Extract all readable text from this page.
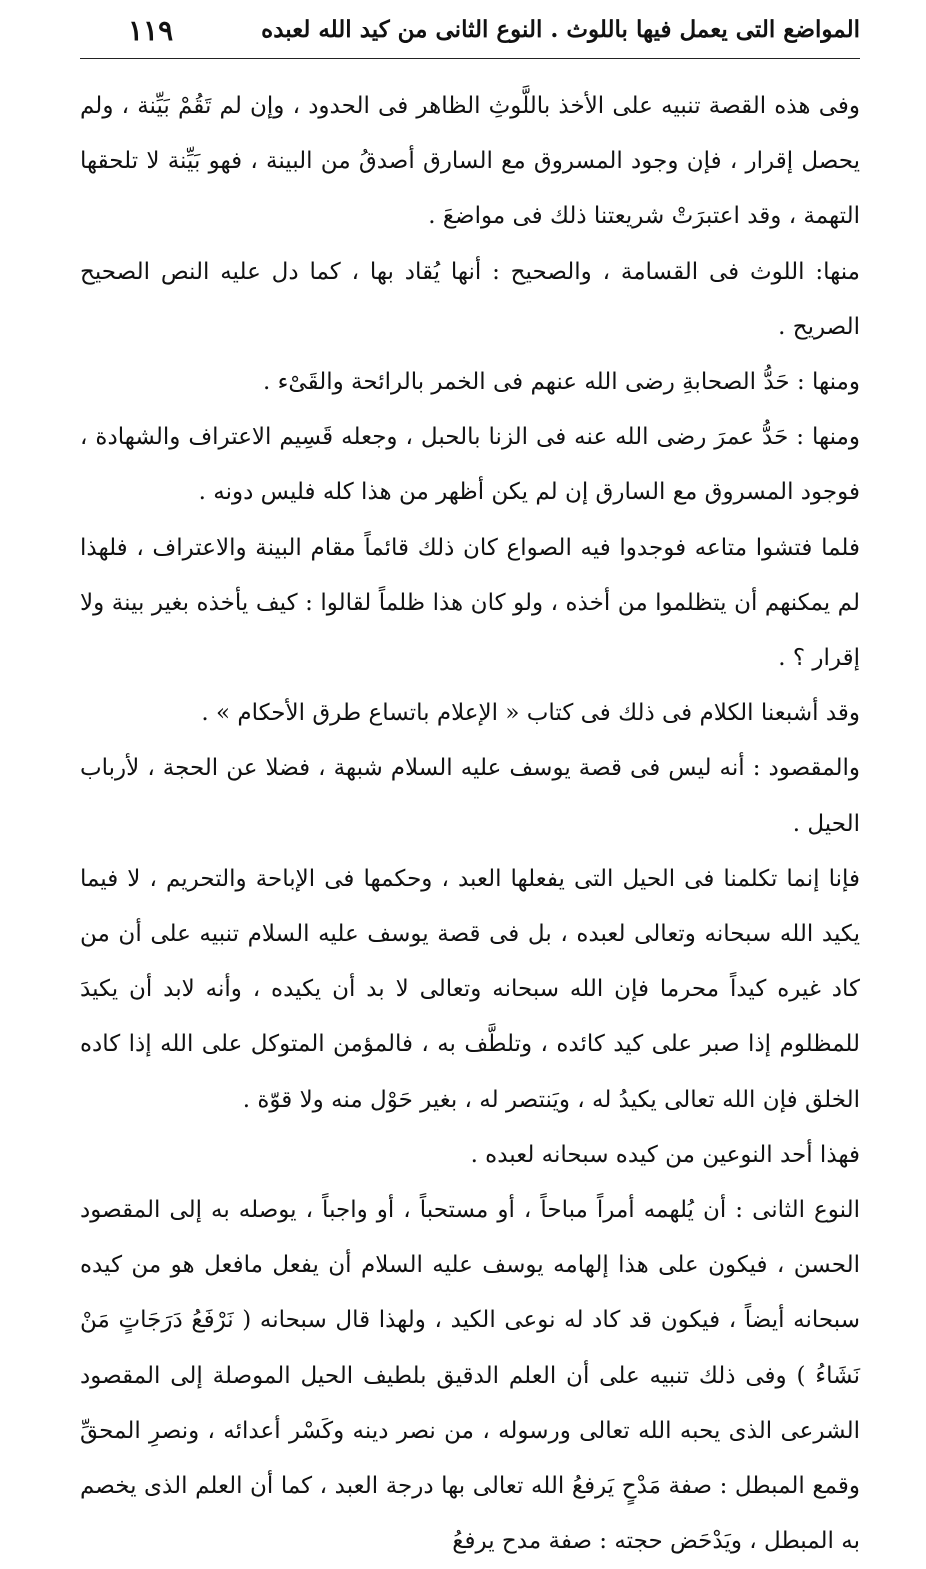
المواضع التى يعمل فيها باللوث . النوع الثانى من كيد الله لعبده
١١٩

وفى هذه القصة تنبيه على الأخذ باللَّوثِ الظاهر فى الحدود ، وإن لم تَقُمْ بَيِّنة ، ولم يحصل إقرار ، فإن وجود المسروق مع السارق أصدقُ من البينة ، فهو بَيِّنة لا تلحقها التهمة ، وقد اعتبرَتْ شريعتنا ذلك فى مواضعَ .

منها: اللوث فى القسامة ، والصحيح : أنها يُقاد بها ، كما دل عليه النص الصحيح الصريح .

ومنها : حَدُّ الصحابةِ رضى الله عنهم فى الخمر بالرائحة والقَىْء .

ومنها : حَدُّ عمرَ رضى الله عنه فى الزنا بالحبل ، وجعله قَسِيم الاعتراف والشهادة ، فوجود المسروق مع السارق إن لم يكن أظهر من هذا كله فليس دونه .

فلما فتشوا متاعه فوجدوا فيه الصواع كان ذلك قائماً مقام البينة والاعتراف ، فلهذا لم يمكنهم أن يتظلموا من أخذه ، ولو كان هذا ظلماً لقالوا : كيف يأخذه بغير بينة ولا إقرار ؟ .

وقد أشبعنا الكلام فى ذلك فى كتاب « الإعلام باتساع طرق الأحكام » .

والمقصود : أنه ليس فى قصة يوسف عليه السلام شبهة ، فضلا عن الحجة ، لأرباب الحيل .

فإنا إنما تكلمنا فى الحيل التى يفعلها العبد ، وحكمها فى الإباحة والتحريم ، لا فيما يكيد الله سبحانه وتعالى لعبده ، بل فى قصة يوسف عليه السلام تنبيه على أن من كاد غيره كيداً محرما فإن الله سبحانه وتعالى لا بد أن يكيده ، وأنه لابد أن يكيدَ للمظلوم إذا صبر على كيد كائده ، وتلطَّف به ، فالمؤمن المتوكل على الله إذا كاده الخلق فإن الله تعالى يكيدُ له ، ويَنتصر له ، بغير حَوْل منه ولا قوّة .

فهذا أحد النوعين من كيده سبحانه لعبده .

النوع الثانى : أن يُلهمه أمراً مباحاً ، أو مستحباً ، أو واجباً ، يوصله به إلى المقصود الحسن ، فيكون على هذا إلهامه يوسف عليه السلام أن يفعل مافعل هو من كيده سبحانه أيضاً ، فيكون قد كاد له نوعى الكيد ، ولهذا قال سبحانه ( نَرْفَعُ دَرَجَاتٍ مَنْ نَشَاءُ ) وفى ذلك تنبيه على أن العلم الدقيق بلطيف الحيل الموصلة إلى المقصود الشرعى الذى يحبه الله تعالى ورسوله ، من نصر دينه وكَسْر أعدائه ، ونصرِ المحقِّ وقمع المبطل : صفة مَدْحٍ يَرفعُ الله تعالى بها درجة العبد ، كما أن العلم الذى يخصم به المبطل ، ويَدْحَض حجته : صفة مدح يرفعُ
